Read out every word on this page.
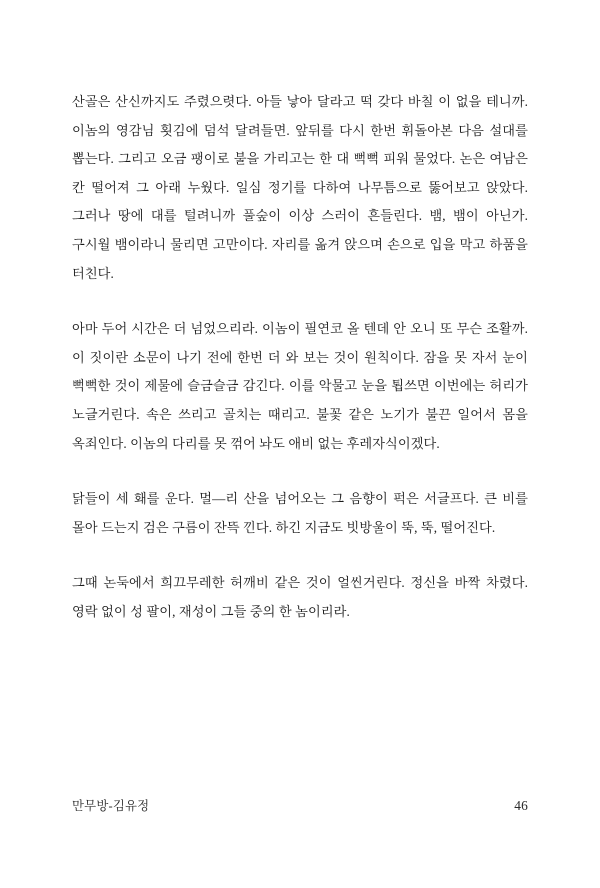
산골은 산신까지도 주렸으렷다. 아들 낳아 달라고 떡 갖다 바칠 이 없을 테니까. 이놈의 영감님 횟김에 덤석 달려들면. 앞뒤를 다시 한번 휘돌아본 다음 설대를 뽑는다. 그리고 오금 팽이로 불을 가리고는 한 대 뻑뻑 피워 물었다. 논은 여남은 칸 떨어져 그 아래 누웠다. 일심 정기를 다하여 나무틈으로 뚫어보고 앉았다. 그러나 땅에 대를 털려니까 풀숲이 이상 스러이 흔들린다. 뱀, 뱀이 아닌가. 구시월 뱀이라니 물리면 고만이다. 자리를 옮겨 앉으며 손으로 입을 막고 하품을 터친다.

아마 두어 시간은 더 넘었으리라. 이놈이 필연코 올 텐데 안 오니 또 무슨 조활까. 이 짓이란 소문이 나기 전에 한번 더 와 보는 것이 원칙이다. 잠을 못 자서 눈이 뻑뻑한 것이 제물에 슬금슬금 감긴다. 이를 악물고 눈을 툅쓰면 이번에는 허리가 노글거린다. 속은 쓰리고 골치는 때리고. 불꽃 같은 노기가 불끈 일어서 몸을 옥죄인다. 이놈의 다리를 못 꺾어 놔도 애비 없는 후레자식이겠다.

닭들이 세 홰를 운다. 멀―리 산을 넘어오는 그 음향이 퍽은 서글프다. 큰 비를 몰아 드는지 검은 구름이 잔뜩 낀다. 하긴 지금도 빗방울이 뚝, 뚝, 떨어진다.

그때 논둑에서 희끄무레한 허깨비 같은 것이 얼씬거린다. 정신을 바짝 차렸다. 영락 없이 성 팔이, 재성이 그들 중의 한 놈이리라.

만무방-김유정	46
